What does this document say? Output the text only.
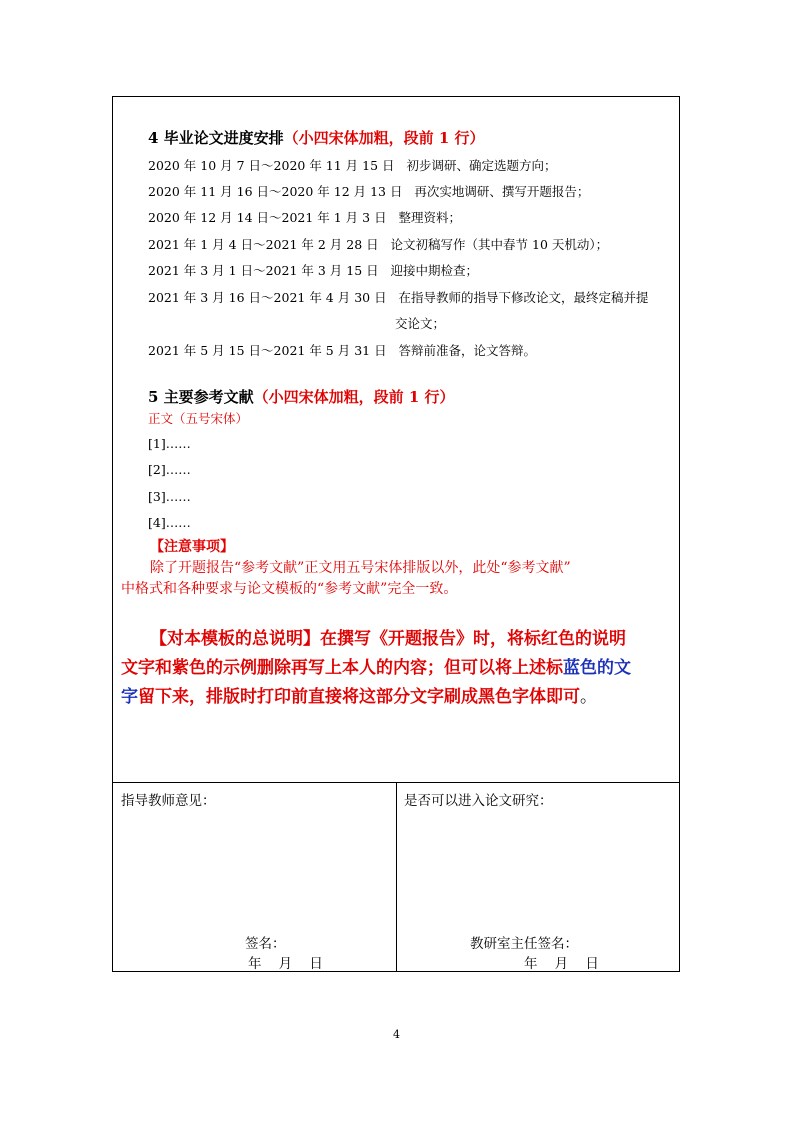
4 毕业论文进度安排（小四宋体加粗，段前 1 行）
2020 年 10 月 7 日～2020 年 11 月 15 日 初步调研、确定选题方向；
2020 年 11 月 16 日～2020 年 12 月 13 日 再次实地调研、撰写开题报告；
2020 年 12 月 14 日～2021 年 1 月 3 日 整理资料；
2021 年 1 月 4 日～2021 年 2 月 28 日 论文初稿写作（其中春节 10 天机动）；
2021 年 3 月 1 日～2021 年 3 月 15 日 迎接中期检查；
2021 年 3 月 16 日～2021 年 4 月 30 日 在指导教师的指导下修改论文，最终定稿并提
交论文；
2021 年 5 月 15 日～2021 年 5 月 31 日 答辩前准备，论文答辩。
5 主要参考文献（小四宋体加粗，段前 1 行）
正文（五号宋体）
[1]……
[2]……
[3]……
[4]……
【注意事项】
除了开题报告“参考文献”正文用五号宋体排版以外，此处“参考文献”
中格式和各种要求与论文模板的“参考文献”完全一致。
【对本模板的总说明】在撰写《开题报告》时，将标红色的说明
文字和紫色的示例删除再写上本人的内容；但可以将上述标蓝色的文
字留下来，排版时打印前直接将这部分文字刷成黑色字体即可。
指导教师意见：
签名：
年    月    日
是否可以进入论文研究：
教研室主任签名：
年    月    日
4
